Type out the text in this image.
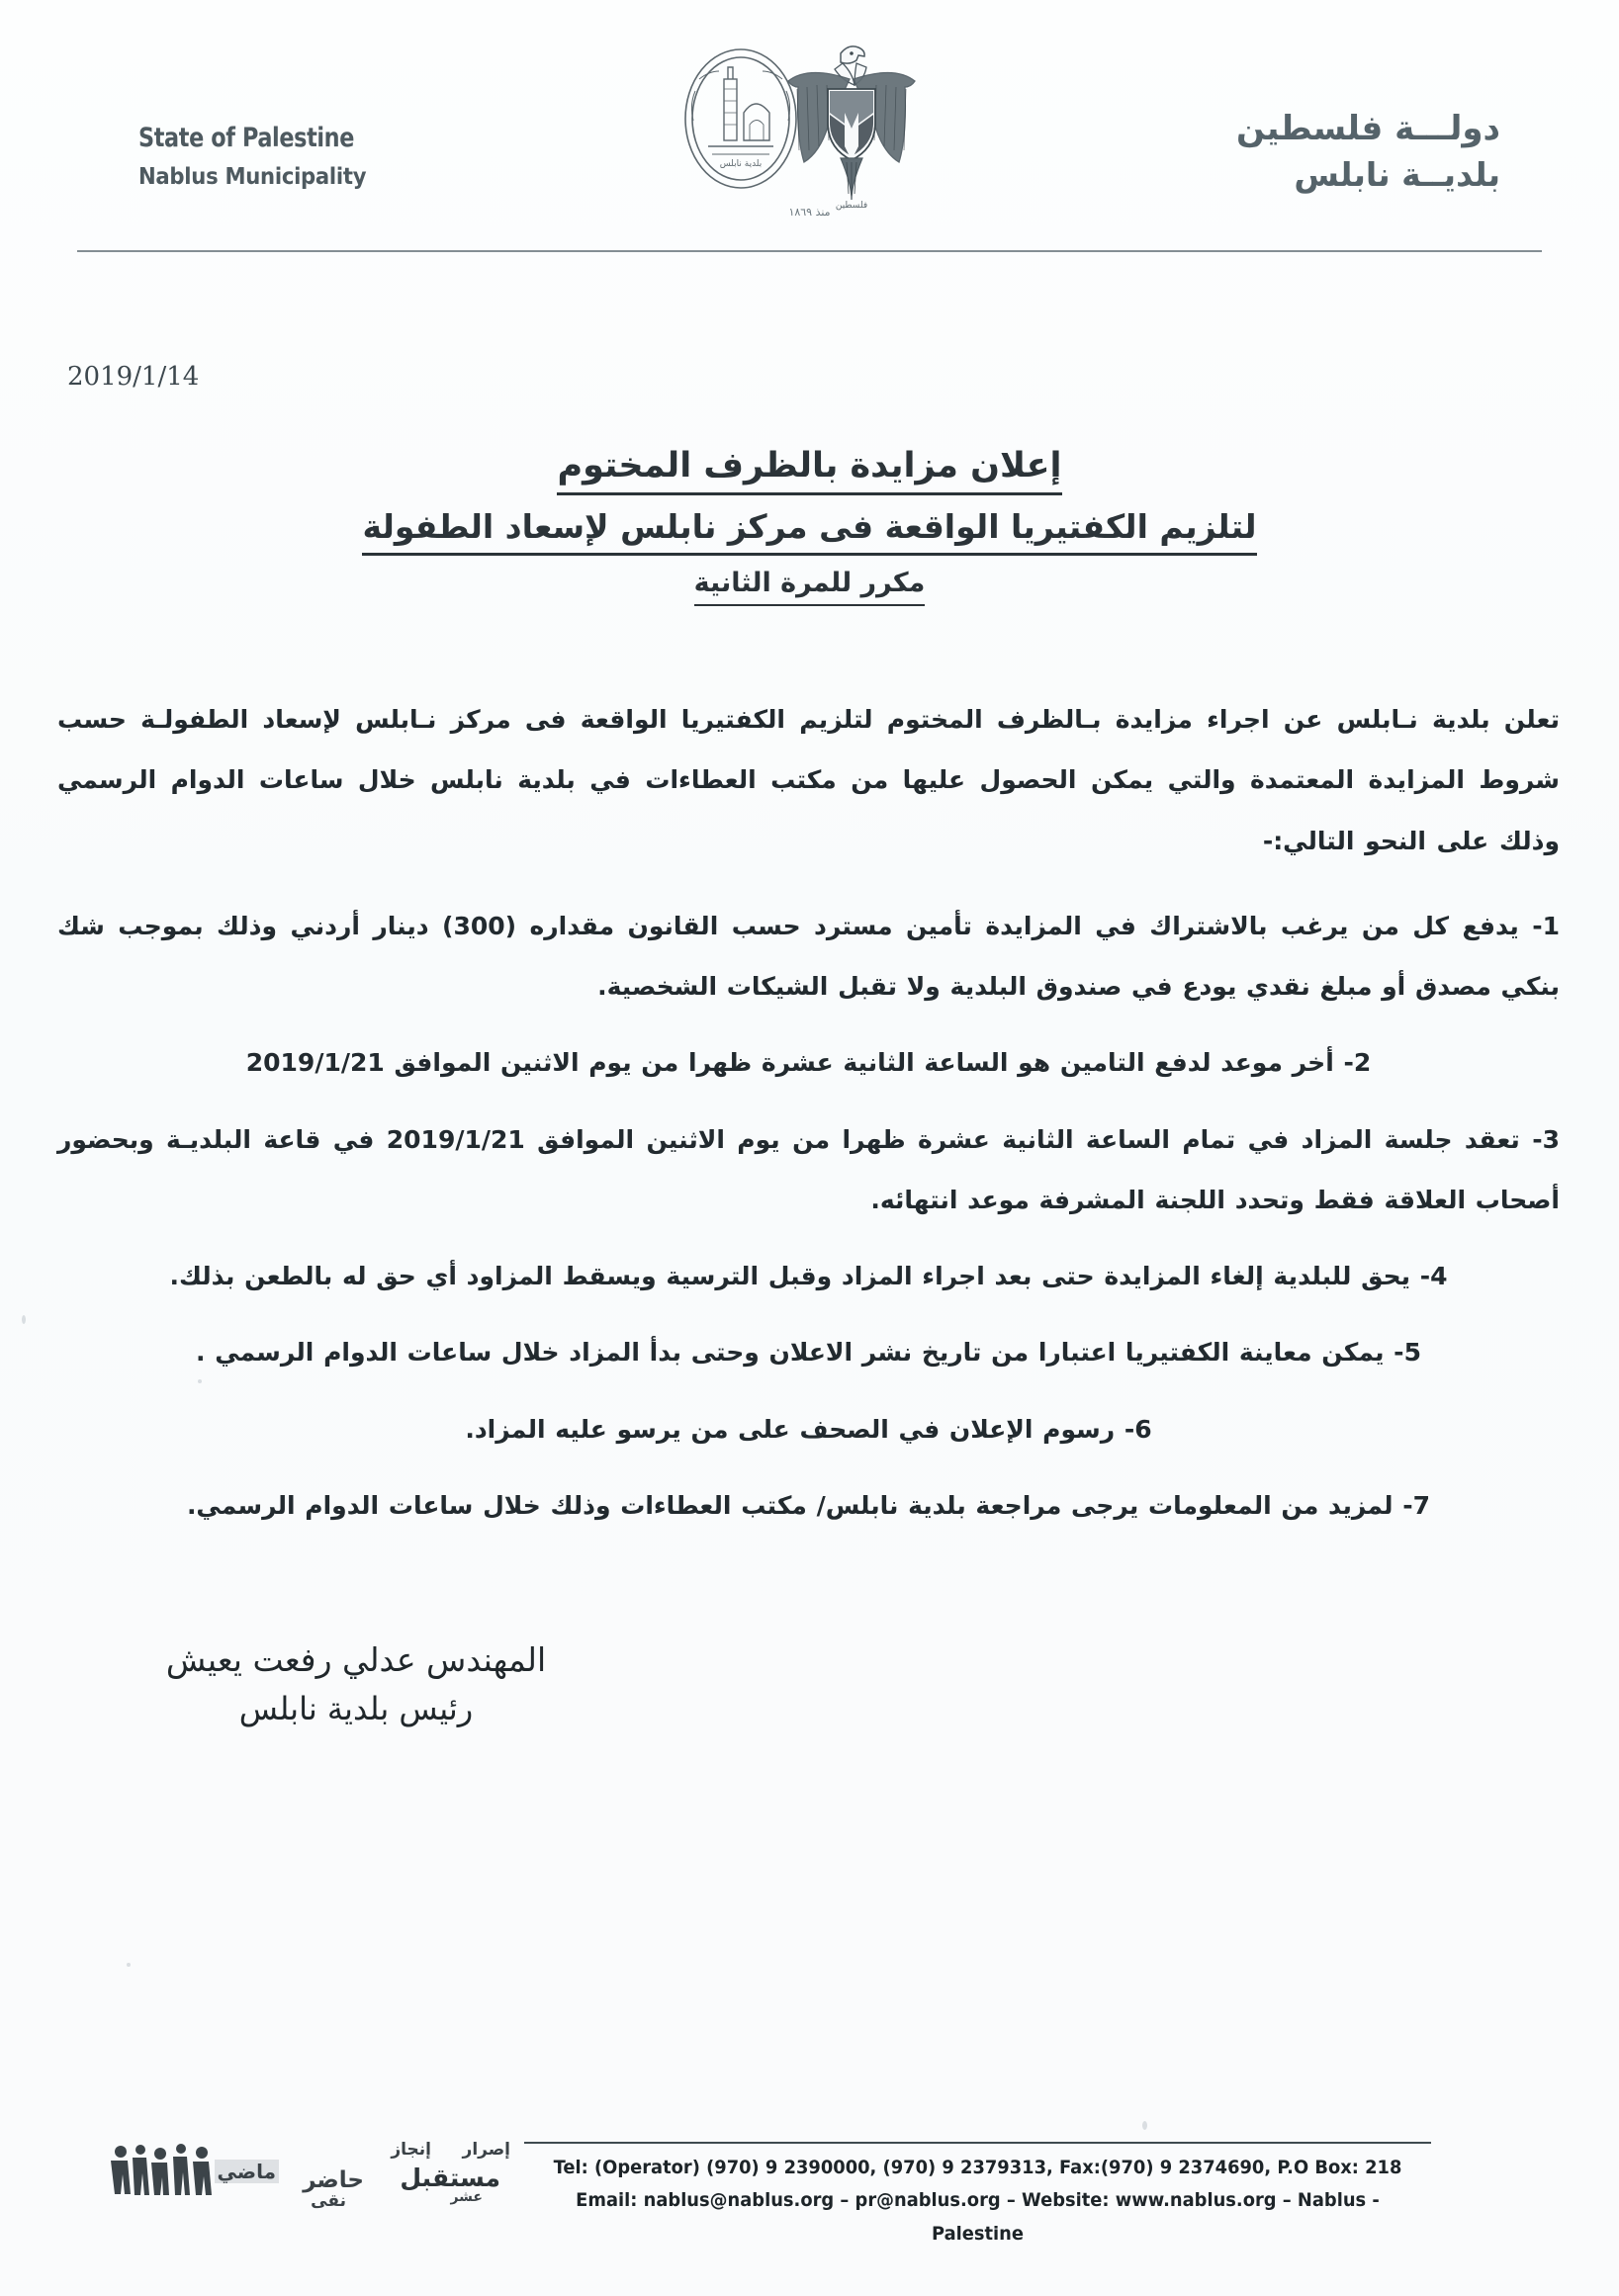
State of Palestine
Nablus Municipality	بلدية نابلس
فلسطين
منذ ١٨٦٩
دولـــة فلسطين
بلديــة نابلس
2019/1/14
إعلان مزايدة بالظرف المختوم
لتلزيم الكفتيريا الواقعة فى مركز نابلس لإسعاد الطفولة
مكرر للمرة الثانية

تعلن بلدية نـابلس عن اجراء مزايدة بـالظرف المختوم لتلزيم الكفتيريا الواقعة فى مركز نـابلس لإسعاد الطفولـة حسب شروط المزايدة المعتمدة والتي يمكن الحصول عليها من مكتب العطاءات في بلدية نابلس خلال ساعات الدوام الرسمي وذلك على النحو التالي:-

1- يدفع كل من يرغب بالاشتراك في المزايدة تأمين مسترد حسب القانون مقداره (300) دينار أردني وذلك بموجب شك بنكي مصدق أو مبلغ نقدي يودع في صندوق البلدية ولا تقبل الشيكات الشخصية.
2- أخر موعد لدفع التامين هو الساعة الثانية عشرة ظهرا من يوم الاثنين الموافق 2019/1/21
3- تعقد جلسة المزاد في تمام الساعة الثانية عشرة ظهرا من يوم الاثنين الموافق 2019/1/21 في قاعة البلديـة وبحضور أصحاب العلاقة فقط وتحدد اللجنة المشرفة موعد انتهائه.
4- يحق للبلدية إلغاء المزايدة حتى بعد اجراء المزاد وقبل الترسية ويسقط المزاود أي حق له بالطعن بذلك.
5- يمكن معاينة الكفتيريا اعتبارا من تاريخ نشر الاعلان وحتى بدأ المزاد خلال ساعات الدوام الرسمي .
6- رسوم الإعلان في الصحف على من يرسو عليه المزاد.
7- لمزيد من المعلومات يرجى مراجعة بلدية نابلس/ مكتب العطاءات وذلك خلال ساعات الدوام الرسمي.
المهندس عدلي رفعت يعيش
رئيس بلدية نابلس
إصرار
إنجاز
مستقبل
حاضر
ماضي
عشر
نقى
Tel: (Operator) (970) 9 2390000, (970) 9 2379313, Fax:(970) 9 2374690, P.O Box: 218
Email: nablus@nablus.org – pr@nablus.org – Website: www.nablus.org – Nablus - Palestine
